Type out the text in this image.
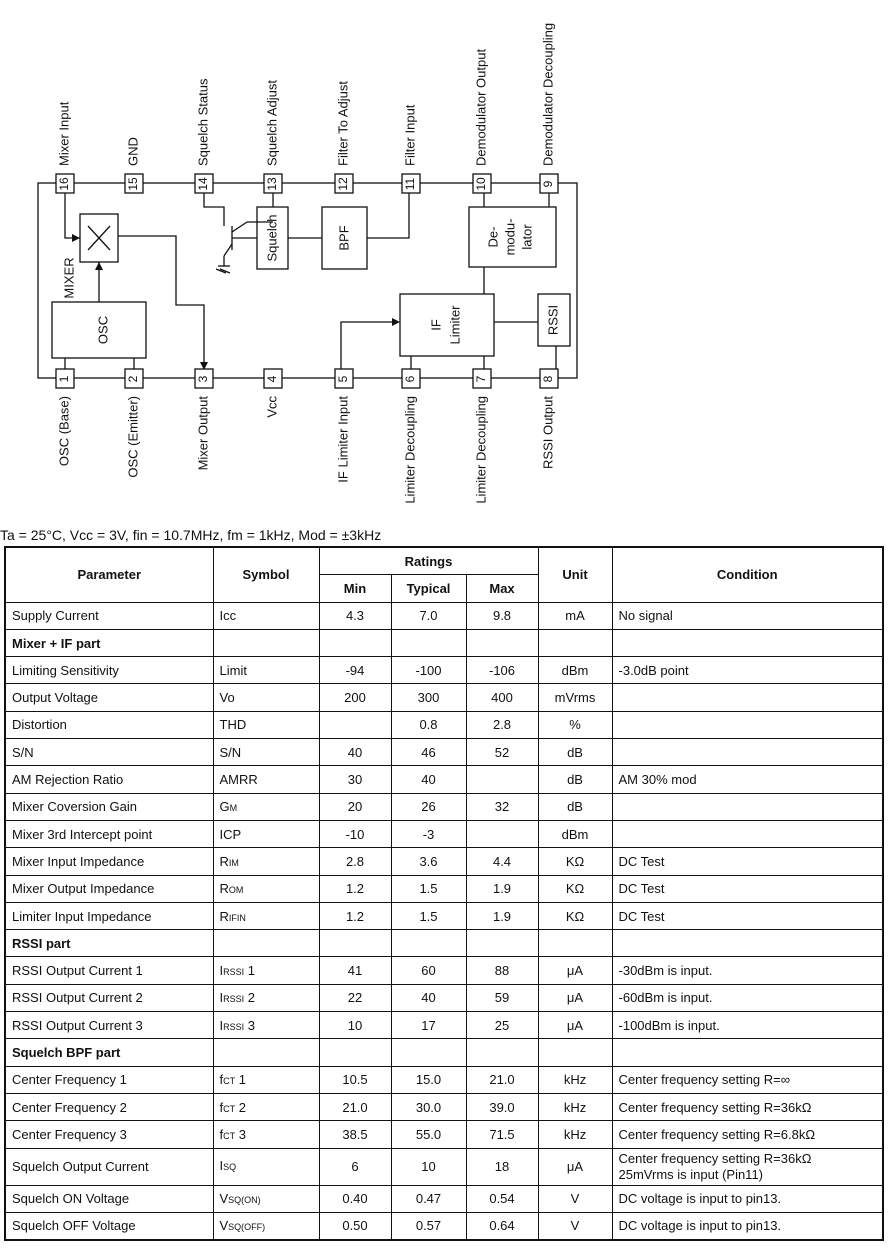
16
Mixer Input
15
GND
14
Squelch Status
13
Squelch Adjust
12
Filter To Adjust
11
Filter Input
10
Demodulator Output
9
Demodulator Decoupling
1
OSC (Base)
2
OSC (Emitter)
3
Mixer Output
4
Vcc
5
IF Limiter Input
6
Limiter Decoupling
7
Limiter Decoupling
8
RSSI Output
OSC
MIXER
Squelch	BPF	De- modu- lator
IF Limiter	RSSI
Ta = 25°C, Vcc = 3V, fin = 10.7MHz, fm = 1kHz, Mod = ±3kHz
Parameter	Symbol	Ratings			Unit	Condition
		Min	Typical	Max		
Supply Current	Icc	4.3	7.0	9.8	mA	No signal

Mixer + IF part						
Limiting Sensitivity	Limit	-94	-100	-106	dBm	-3.0dB point

Output Voltage	Vo	200	300	400	mVrms	

Distortion	THD		0.8	2.8	%	

S/N	S/N	40	46	52	dB	

AM Rejection Ratio	AMRR	30	40		dB	AM 30% mod

Mixer Coversion Gain	GM	20	26	32	dB	

Mixer 3rd Intercept point	ICP	-10	-3		dBm	

Mixer Input Impedance	RIM	2.8	3.6	4.4	KΩ	DC Test

Mixer Output Impedance	ROM	1.2	1.5	1.9	KΩ	DC Test

Limiter Input Impedance	RIFIN	1.2	1.5	1.9	KΩ	DC Test

RSSI part						
RSSI Output Current 1	IRSSI 1	41	60	88	μA	-30dBm is input.

RSSI Output Current 2	IRSSI 2	22	40	59	μA	-60dBm is input.

RSSI Output Current 3	IRSSI 3	10	17	25	μA	-100dBm is input.

Squelch BPF part						
Center Frequency 1	fCT 1	10.5	15.0	21.0	kHz	Center frequency setting R=∞

Center Frequency 2	fCT 2	21.0	30.0	39.0	kHz	Center frequency setting R=36kΩ

Center Frequency 3	fCT 3	38.5	55.0	71.5	kHz	Center frequency setting R=6.8kΩ

Squelch Output Current	ISQ	6	10	18	μA	Center frequency setting R=36kΩ
25mVrms is input (Pin11)

Squelch ON Voltage	VSQ(ON)	0.40	0.47	0.54	V	DC voltage is input to pin13.

Squelch OFF Voltage	VSQ(OFF)	0.50	0.57	0.64	V	DC voltage is input to pin13.
